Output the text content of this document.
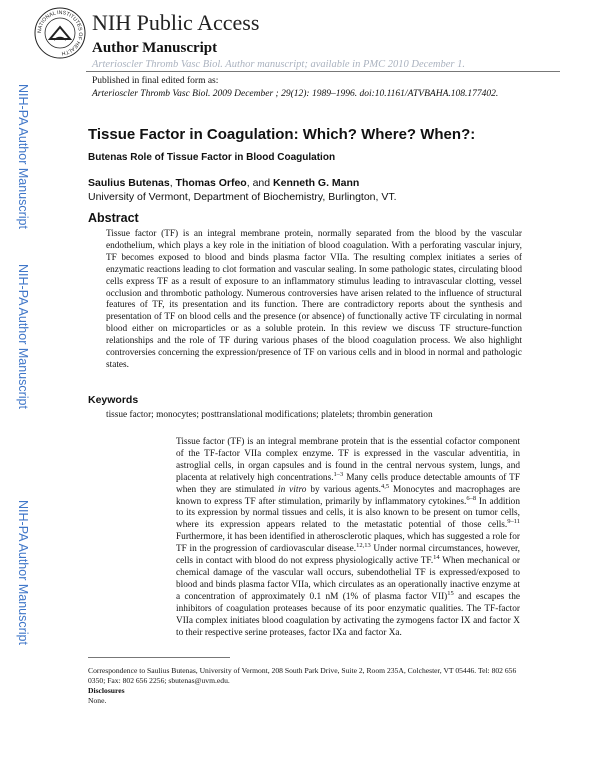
NATIONAL INSTITUTES OF HEALTH
NIH Public Access
Author Manuscript
Arterioscler Thromb Vasc Biol. Author manuscript; available in PMC 2010 December 1.
Published in final edited form as:
Arterioscler Thromb Vasc Biol. 2009 December ; 29(12): 1989–1996. doi:10.1161/ATVBAHA.108.177402.
NIH-PA Author Manuscript
NIH-PA Author Manuscript
NIH-PA Author Manuscript
Tissue Factor in Coagulation: Which? Where? When?:
Butenas Role of Tissue Factor in Blood Coagulation
Saulius Butenas, Thomas Orfeo, and Kenneth G. Mann
University of Vermont, Department of Biochemistry, Burlington, VT.
Abstract
Tissue factor (TF) is an integral membrane protein, normally separated from the blood by the vascular endothelium, which plays a key role in the initiation of blood coagulation. With a perforating vascular injury, TF becomes exposed to blood and binds plasma factor VIIa. The resulting complex initiates a series of enzymatic reactions leading to clot formation and vascular sealing. In some pathologic states, circulating blood cells express TF as a result of exposure to an inflammatory stimulus leading to intravascular clotting, vessel occlusion and thrombotic pathology. Numerous controversies have arisen related to the influence of structural features of TF, its presentation and its function. There are contradictory reports about the synthesis and presentation of TF on blood cells and the presence (or absence) of functionally active TF circulating in normal blood either on microparticles or as a soluble protein. In this review we discuss TF structure-function relationships and the role of TF during various phases of the blood coagulation process. We also highlight controversies concerning the expression/presence of TF on various cells and in blood in normal and pathologic states.
Keywords
tissue factor; monocytes; posttranslational modifications; platelets; thrombin generation
Tissue factor (TF) is an integral membrane protein that is the essential cofactor component of the TF-factor VIIa complex enzyme. TF is expressed in the vascular adventitia, in astroglial cells, in organ capsules and is found in the central nervous system, lungs, and placenta at relatively high concentrations.$^{1-3}$ Many cells produce detectable amounts of TF when they are stimulated in vitro by various agents.$^{4,5}$ Monocytes and macrophages are known to express TF after stimulation, primarily by inflammatory cytokines.$^{6-8}$ In addition to its expression by normal tissues and cells, it is also known to be present on tumor cells, where its expression appears related to the metastatic potential of those cells.$^{9-11}$ Furthermore, it has been identified in atherosclerotic plaques, which has suggested a role for TF in the progression of cardiovascular disease.$^{12,13}$ Under normal circumstances, however, cells in contact with blood do not express physiologically active TF.$^{14}$ When mechanical or chemical damage of the vascular wall occurs, subendothelial TF is expressed/exposed to blood and binds plasma factor VIIa, which circulates as an operationally inactive enzyme at a concentration of approximately 0.1 nM (1% of plasma factor VII)$^{15}$ and escapes the inhibitors of coagulation proteases because of its poor enzymatic qualities. The TF-factor VIIa complex initiates blood coagulation by activating the zymogens factor IX and factor X to their respective serine proteases, factor IXa and factor Xa.
Correspondence to Saulius Butenas, University of Vermont, 208 South Park Drive, Suite 2, Room 235A, Colchester, VT 05446. Tel: 802 656 0350; Fax: 802 656 2256; sbutenas@uvm.edu.
Disclosures
None.
